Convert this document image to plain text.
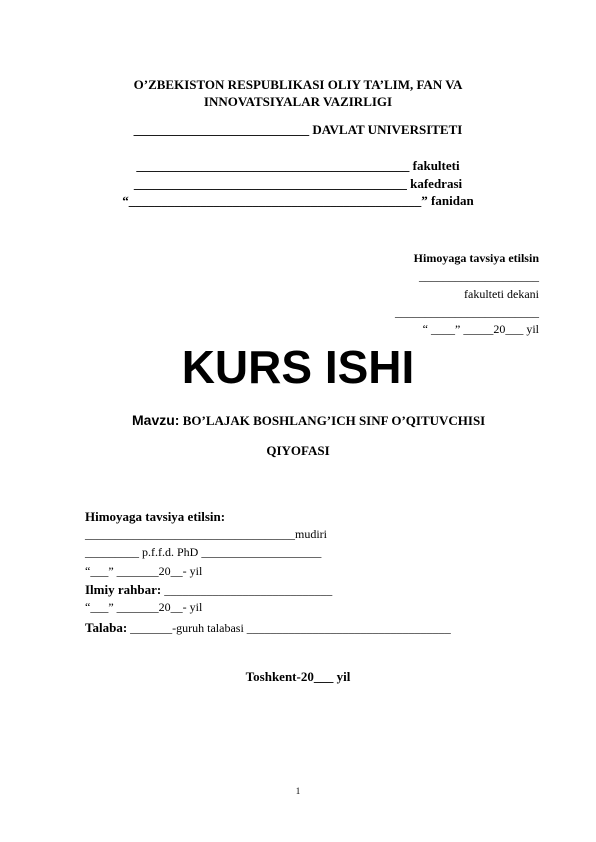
O’ZBEKISTON RESPUBLIKASI OLIY TA’LIM, FAN VA
INNOVATSIYALAR VAZIRLIGI
___________________________ DAVLAT UNIVERSITETI
__________________________________________ fakulteti
__________________________________________ kafedrasi
“_____________________________________________” fanidan
Himoyaga tavsiya etilsin
____________________
fakulteti dekani
________________________
“ ____” _____20___ yil
KURS ISHI
Mavzu: BO’LAJAK BOSHLANG’ICH SINF O’QITUVCHISI
QIYOFASI
Himoyaga tavsiya etilsin:
___________________________________mudiri
_________ p.f.f.d. PhD ____________________
“___” _______20__- yil
Ilmiy rahbar: ____________________________
“___” _______20__- yil
Talaba: _______-guruh talabasi __________________________________
Toshkent-20___ yil
1
